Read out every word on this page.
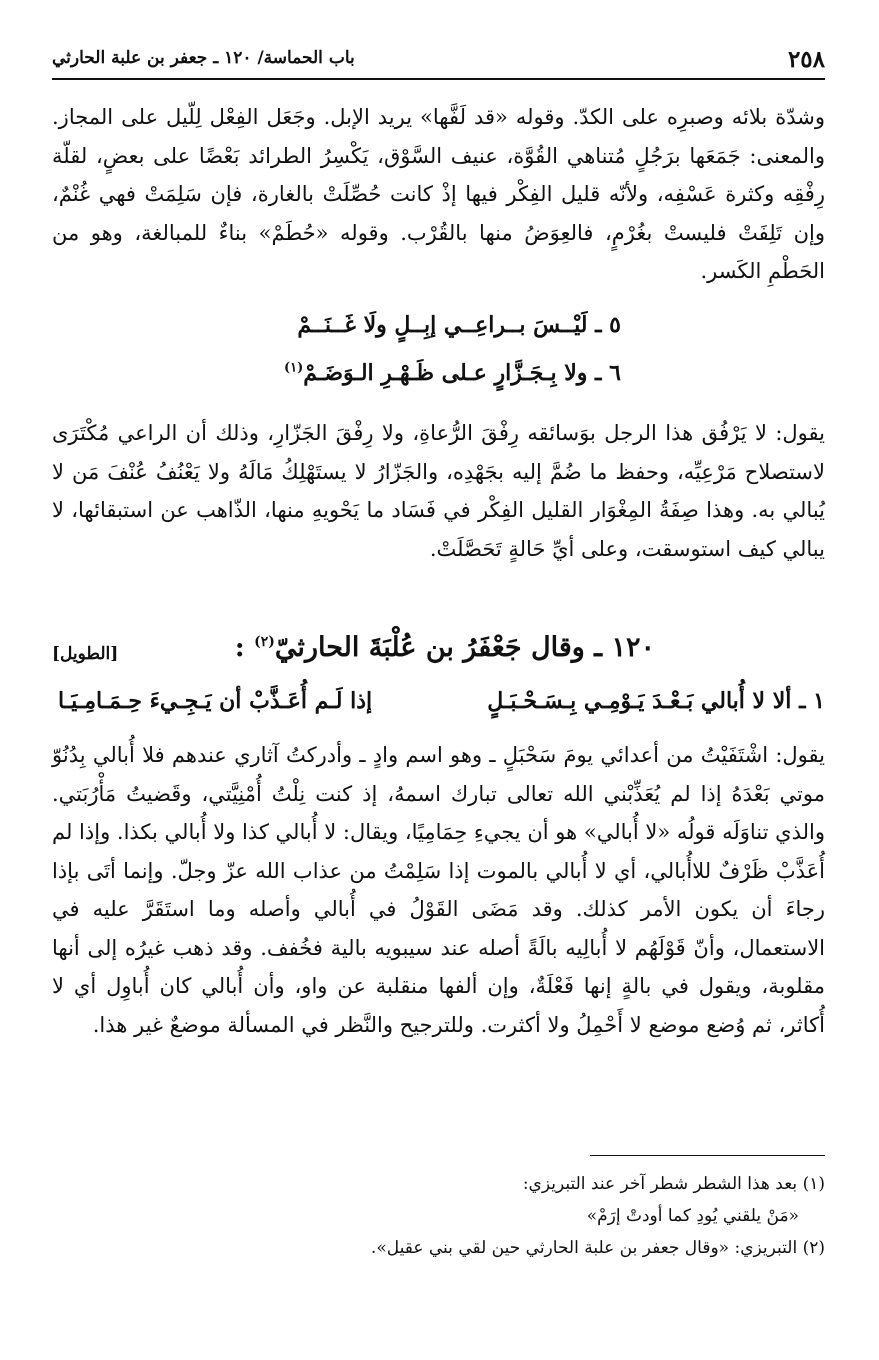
٢٥٨
باب الحماسة/ ١٢٠ ـ جعفر بن علبة الحارثي

وشدّة بلائه وصبرِه على الكدّ. وقوله «قد لَفَّها» يريد الإبل. وجَعَل الفِعْل لِلّيل على المجاز. والمعنى: جَمَعَها برَجُلٍ مُتناهي القُوَّة، عنيف السَّوْق، يَكْسِرُ الطرائد بَعْضًا على بعضٍ، لقلّة رِفْقِه وكثرة عَسْفِه، ولأنّه قليل الفِكْر فيها إذْ كانت حُصِّلَتْ بالغارة، فإن سَلِمَتْ فهي غُنْمٌ، وإن تَلِفَتْ فليستْ بغُرْمٍ، فالعِوَضُ منها بالقُرْب. وقوله «حُطَمْ» بناءٌ للمبالغة، وهو من الحَطْمِ الكَسر.

٥ ـ لَيْــسَ بــراعِــي إبِــلٍ ولَا غَــنَــمْ
٦ ـ ولا بِـجَـزَّارٍ عـلى ظَـهْـرِ الـوَضَـمْ$^{(١)}$

يقول: لا يَرْفُق هذا الرجل بوَسائقه رِفْقَ الرُّعاةِ، ولا رِفْقَ الجَزّارِ، وذلك أن الراعي مُكْتَرَى لاستصلاح مَرْعِيِّه، وحفظ ما ضُمَّ إليه بجَهْدِه، والجَزّارُ لا يستَهْلِكُ مَالَهُ ولا يَعْنُفُ عُنْفَ مَن لا يُبالي به. وهذا صِفَةُ المِغْوَار القليل الفِكْر في فَسَاد ما يَحْويهِ منها، الذّاهب عن استبقائها، لا يبالي كيف استوسقت، وعلى أيِّ حَالةٍ تَحَصَّلَتْ.

١٢٠ ـ وقال جَعْفَرُ بن عُلْبَةَ الحارثيّ$^{(٢)}$ :
[الطويل]
١ ـ ألا لا أُبالي بَـعْـدَ يَـوْمِـي بِـسَـحْـبَـلٍ
إذا لَـم أُعَـذَّبْ أن يَـجِـيءَ حِـمَـامِـيَـا

يقول: اشْتَفَيْتُ من أعدائي يومَ سَحْبَلٍ ـ وهو اسم وادٍ ـ وأدركتُ آثاري عندهم فلا أُبالي بِدُنُوّ موتي بَعْدَهُ إذا لم يُعَذِّبْني الله تعالى تبارك اسمهُ، إذ كنت نِلْتُ أُمْنِيَّتي، وقَضيتُ مَأْرُبَتي. والذي تناوَلَه قولُه «لا أُبالي» هو أن يجيءِ حِمَامِيًا، ويقال: لا أُبالي كذا ولا أُبالي بكذا. وإذا لم أُعَذَّبْ ظَرْفٌ للاأُبالي، أي لا أُبالي بالموت إذا سَلِمْتُ من عذاب الله عزّ وجلّ. وإنما أتَى بإذا رجاءَ أن يكون الأمر كذلك. وقد مَضَى القَوْلُ في أُبالي وأصله وما استَقَرَّ عليه في الاستعمال، وأنّ قَوْلَهُم لا أُبالِيه بالَةً أصله عند سيبويه بالية فخُفف. وقد ذهب غيرُه إلى أنها مقلوبة، ويقول في بالةٍ إنها فَعْلَةٌ، وإن ألفها منقلبة عن واو، وأن أُبالي كان أُباوِل أي لا أُكاثر، ثم وُضع موضع لا أَحْمِلُ ولا أكثرت. وللترجيح والنَّظر في المسألة موضعٌ غير هذا.

(١) بعد هذا الشطر شطر آخر عند التبريزي:

«مَنْ يلقني يُودِ كما أودتْ إرَمْ»

(٢) التبريزي: «وقال جعفر بن علبة الحارثي حين لقي بني عقيل».
